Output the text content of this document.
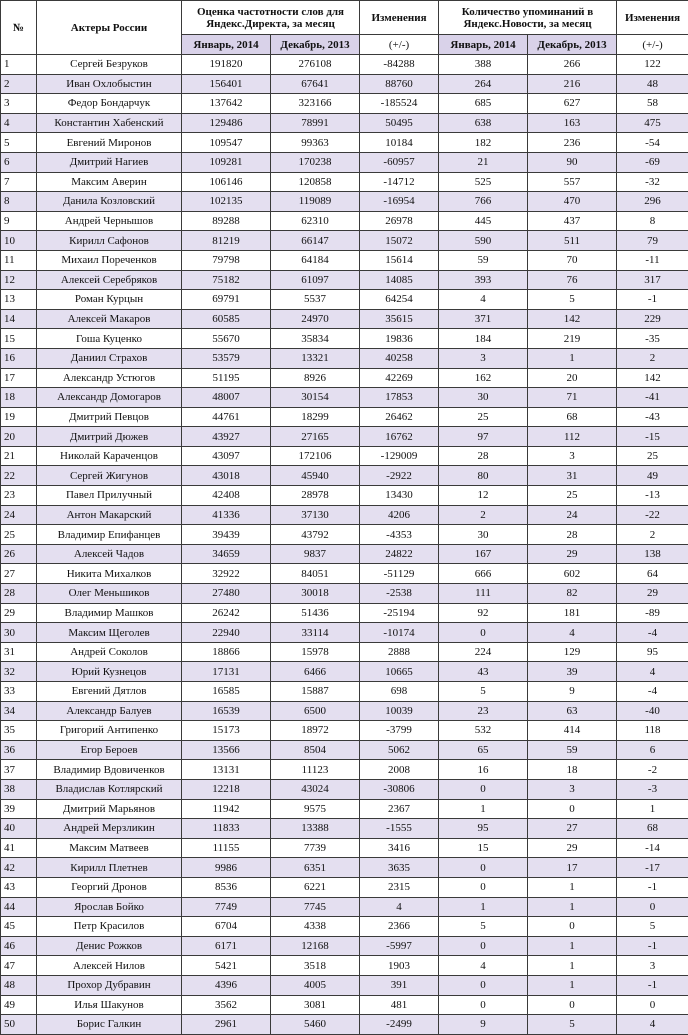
№	Актеры России	Оценка частотности слов для Яндекс.Директа, за месяц		Изменения	Количество упоминаний в Яндекс.Новости, за месяц		Изменения
		Январь, 2014	Декабрь, 2013	(+/-)	Январь, 2014	Декабрь, 2013	(+/-)
1	Сергей Безруков	191820	276108	-84288	388	266	122
2	Иван Охлобыстин	156401	67641	88760	264	216	48
3	Федор Бондарчук	137642	323166	-185524	685	627	58
4	Константин Хабенский	129486	78991	50495	638	163	475
5	Евгений Миронов	109547	99363	10184	182	236	-54
6	Дмитрий Нагиев	109281	170238	-60957	21	90	-69
7	Максим Аверин	106146	120858	-14712	525	557	-32
8	Данила Козловский	102135	119089	-16954	766	470	296
9	Андрей Чернышов	89288	62310	26978	445	437	8
10	Кирилл Сафонов	81219	66147	15072	590	511	79
11	Михаил Пореченков	79798	64184	15614	59	70	-11
12	Алексей Серебряков	75182	61097	14085	393	76	317
13	Роман Курцын	69791	5537	64254	4	5	-1
14	Алексей Макаров	60585	24970	35615	371	142	229
15	Гоша Куценко	55670	35834	19836	184	219	-35
16	Даниил Страхов	53579	13321	40258	3	1	2
17	Александр Устюгов	51195	8926	42269	162	20	142
18	Александр Домогаров	48007	30154	17853	30	71	-41
19	Дмитрий Певцов	44761	18299	26462	25	68	-43
20	Дмитрий Дюжев	43927	27165	16762	97	112	-15
21	Николай Караченцов	43097	172106	-129009	28	3	25
22	Сергей Жигунов	43018	45940	-2922	80	31	49
23	Павел Прилучный	42408	28978	13430	12	25	-13
24	Антон Макарский	41336	37130	4206	2	24	-22
25	Владимир Епифанцев	39439	43792	-4353	30	28	2
26	Алексей Чадов	34659	9837	24822	167	29	138
27	Никита Михалков	32922	84051	-51129	666	602	64
28	Олег Меньшиков	27480	30018	-2538	111	82	29
29	Владимир Машков	26242	51436	-25194	92	181	-89
30	Максим Щеголев	22940	33114	-10174	0	4	-4
31	Андрей Соколов	18866	15978	2888	224	129	95
32	Юрий Кузнецов	17131	6466	10665	43	39	4
33	Евгений Дятлов	16585	15887	698	5	9	-4
34	Александр Балуев	16539	6500	10039	23	63	-40
35	Григорий Антипенко	15173	18972	-3799	532	414	118
36	Егор Бероев	13566	8504	5062	65	59	6
37	Владимир Вдовиченков	13131	11123	2008	16	18	-2
38	Владислав Котлярский	12218	43024	-30806	0	3	-3
39	Дмитрий Марьянов	11942	9575	2367	1	0	1
40	Андрей Мерзликин	11833	13388	-1555	95	27	68
41	Максим Матвеев	11155	7739	3416	15	29	-14
42	Кирилл Плетнев	9986	6351	3635	0	17	-17
43	Георгий Дронов	8536	6221	2315	0	1	-1
44	Ярослав Бойко	7749	7745	4	1	1	0
45	Петр Красилов	6704	4338	2366	5	0	5
46	Денис Рожков	6171	12168	-5997	0	1	-1
47	Алексей Нилов	5421	3518	1903	4	1	3
48	Прохор Дубравин	4396	4005	391	0	1	-1
49	Илья Шакунов	3562	3081	481	0	0	0
50	Борис Галкин	2961	5460	-2499	9	5	4
